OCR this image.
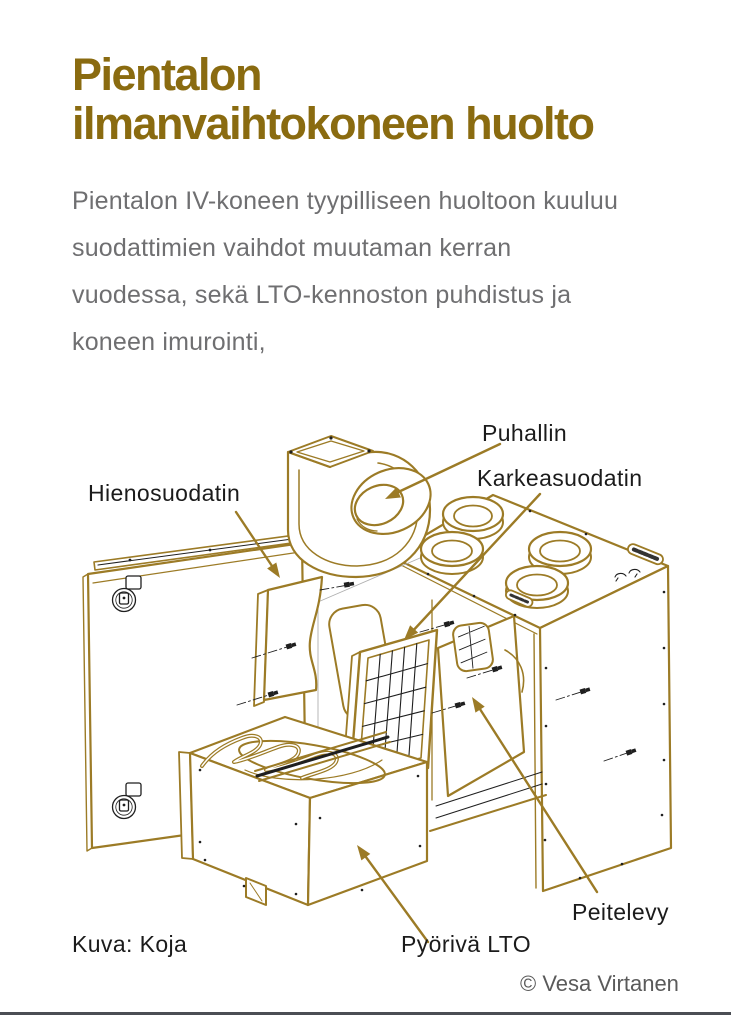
Pientalon
ilmanvaihtokoneen huolto
Pientalon IV-koneen tyypilliseen huoltoon kuuluu
suodattimien vaihdot muutaman kerran
vuodessa, sekä LTO-kennoston puhdistus ja
koneen imurointi,
Puhallin
Hienosuodatin
Karkeasuodatin
Peitelevy
Pyörivä LTO
Kuva: Koja
© Vesa Virtanen
